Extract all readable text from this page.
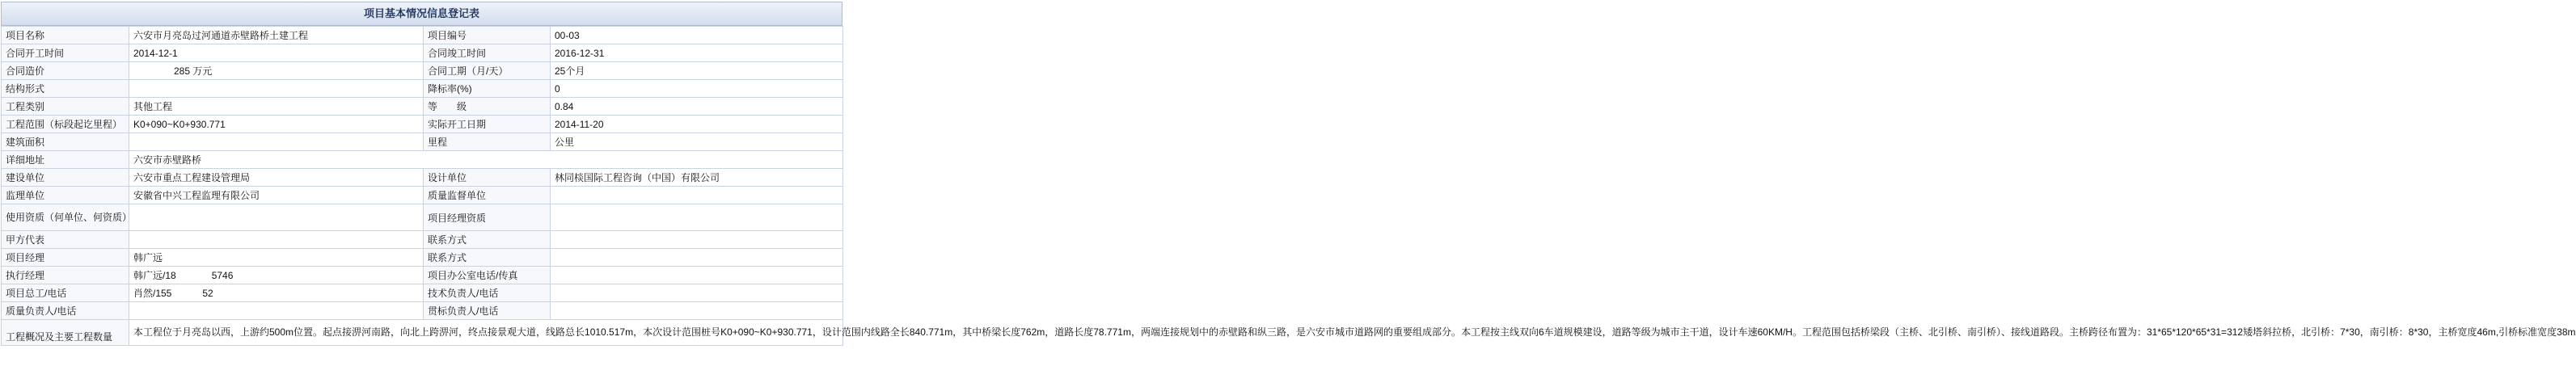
项目基本情况信息登记表
项目名称	六安市月亮岛过河通道赤壁路桥土建工程	项目编号	00-03
合同开工时间	2014-12-1	合同竣工时间	2016-12-31
合同造价	285 万元	合同工期（月/天）	25个月
结构形式		降标率(%)	0
工程类别	其他工程	等　　级	0.84
工程范围（标段起讫里程）	K0+090~K0+930.771	实际开工日期	2014-11-20
建筑面积		里程	公里
详细地址	六安市赤壁路桥		
建设单位	六安市重点工程建设管理局	设计单位	林同棪国际工程咨询（中国）有限公司
监理单位	安徽省中兴工程监理有限公司	质量监督单位	
使用资质（何单位、何资质）		项目经理资质	
甲方代表		联系方式	
项目经理	韩广远	联系方式	
执行经理	韩广远/18 5746	项目办公室电话/传真	
项目总工/电话	肖然/155 52	技术负责人/电话	
质量负责人/电话		贯标负责人/电话	
工程概况及主要工程数量	本工程位于月亮岛以西，上游约500m位置。起点接淠河南路，向北上跨淠河，终点接景观大道，线路总长1010.517m，本次设计范围桩号K0+090~K0+930.771，设计范围内线路全长840.771m，其中桥梁长度762m，道路长度78.771m，两端连接规划中的赤壁路和纵三路，是六安市城市道路网的重要组成部分。本工程按主线双向6车道规模建设，道路等级为城市主干道，设计车速60KM/H。工程范围包括桥梁段（主桥、北引桥、南引桥）、接线道路段。主桥跨径布置为：31*65*120*65*31=312矮塔斜拉桥，北引桥：7*30，南引桥：8*30，主桥宽度46m,引桥标准宽度38m		
